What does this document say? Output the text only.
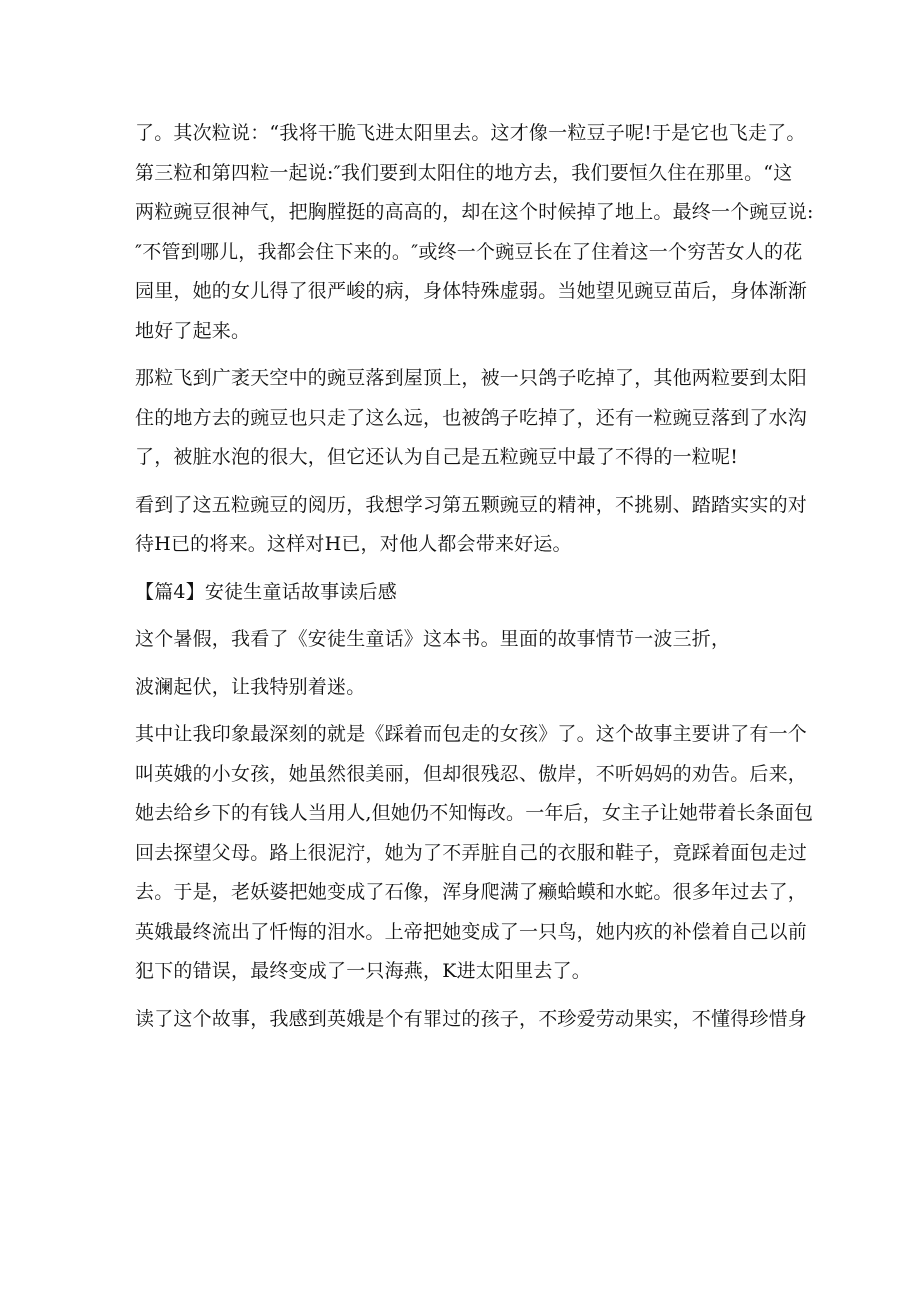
了。其次粒说：“我将干脆飞进太阳里去。这才像一粒豆子呢!于是它也飞走了。
第三粒和第四粒一起说:″我们要到太阳住的地方去，我们要恒久住在那里。“这
两粒豌豆很神气，把胸膛挺的高高的，却在这个时候掉了地上。最终一个豌豆说:
″不管到哪儿，我都会住下来的。″或终一个豌豆长在了住着这一个穷苦女人的花
园里，她的女儿得了很严峻的病，身体特殊虚弱。当她望见豌豆苗后，身体渐渐
地好了起来。
那粒飞到广袤天空中的豌豆落到屋顶上，被一只鸽子吃掉了，其他两粒要到太阳
住的地方去的豌豆也只走了这么远，也被鸽子吃掉了，还有一粒豌豆落到了水沟
了，被脏水泡的很大，但它还认为自己是五粒豌豆中最了不得的一粒呢!
看到了这五粒豌豆的阅历，我想学习第五颗豌豆的精神，不挑剔、踏踏实实的对
待H已的将来。这样对H已，对他人都会带来好运。
【篇4】安徒生童话故事读后感
这个暑假，我看了《安徒生童话》这本书。里面的故事情节一波三折，
波澜起伏，让我特别着迷。
其中让我印象最深刻的就是《踩着而包走的女孩》了。这个故事主要讲了有一个
叫英娥的小女孩，她虽然很美丽，但却很残忍、傲岸，不听妈妈的劝告。后来，
她去给乡下的有钱人当用人,但她仍不知悔改。一年后，女主子让她带着长条面包
回去探望父母。路上很泥泞，她为了不弄脏自己的衣服和鞋子，竟踩着面包走过
去。于是，老妖婆把她变成了石像，浑身爬满了癞蛤蟆和水蛇。很多年过去了，
英娥最终流出了忏悔的泪水。上帝把她变成了一只鸟，她内疚的补偿着自己以前
犯下的错误，最终变成了一只海燕，K进太阳里去了。
读了这个故事，我感到英娥是个有罪过的孩子，不珍爱劳动果实，不懂得珍惜身
